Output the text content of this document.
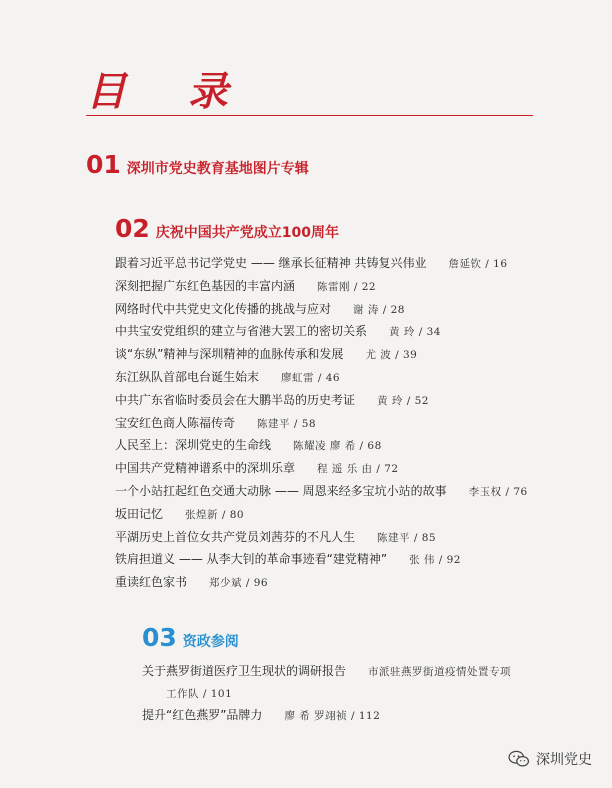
目 录
01 深圳市党史教育基地图片专辑
02 庆祝中国共产党成立100周年
跟着习近平总书记学党史 —— 继承长征精神 共铸复兴伟业 詹延钦 / 16
深刻把握广东红色基因的丰富内涵 陈雷刚 / 22
网络时代中共党史文化传播的挑战与应对 谢 涛 / 28
中共宝安党组织的建立与省港大罢工的密切关系 黄 玲 / 34
谈“东纵”精神与深圳精神的血脉传承和发展 尤 波 / 39
东江纵队首部电台诞生始末 廖虹雷 / 46
中共广东省临时委员会在大鹏半岛的历史考证 黄 玲 / 52
宝安红色商人陈福传奇 陈建平 / 58
人民至上：深圳党史的生命线 陈耀凌 廖 希 / 68
中国共产党精神谱系中的深圳乐章 程 遥 乐 由 / 72
一个小站扛起红色交通大动脉 —— 周恩来经多宝坑小站的故事 李玉权 / 76
坂田记忆 张煌新 / 80
平湖历史上首位女共产党员刘茜芬的不凡人生 陈建平 / 85
铁肩担道义 —— 从李大钊的革命事迹看“建党精神” 张 伟 / 92
重读红色家书 郑少斌 / 96
03 资政参阅
关于燕罗街道医疗卫生现状的调研报告 市派驻燕罗街道疫情处置专项
工作队 / 101
提升“红色燕罗”品牌力 廖 希 罗翊祯 / 112
深圳党史
